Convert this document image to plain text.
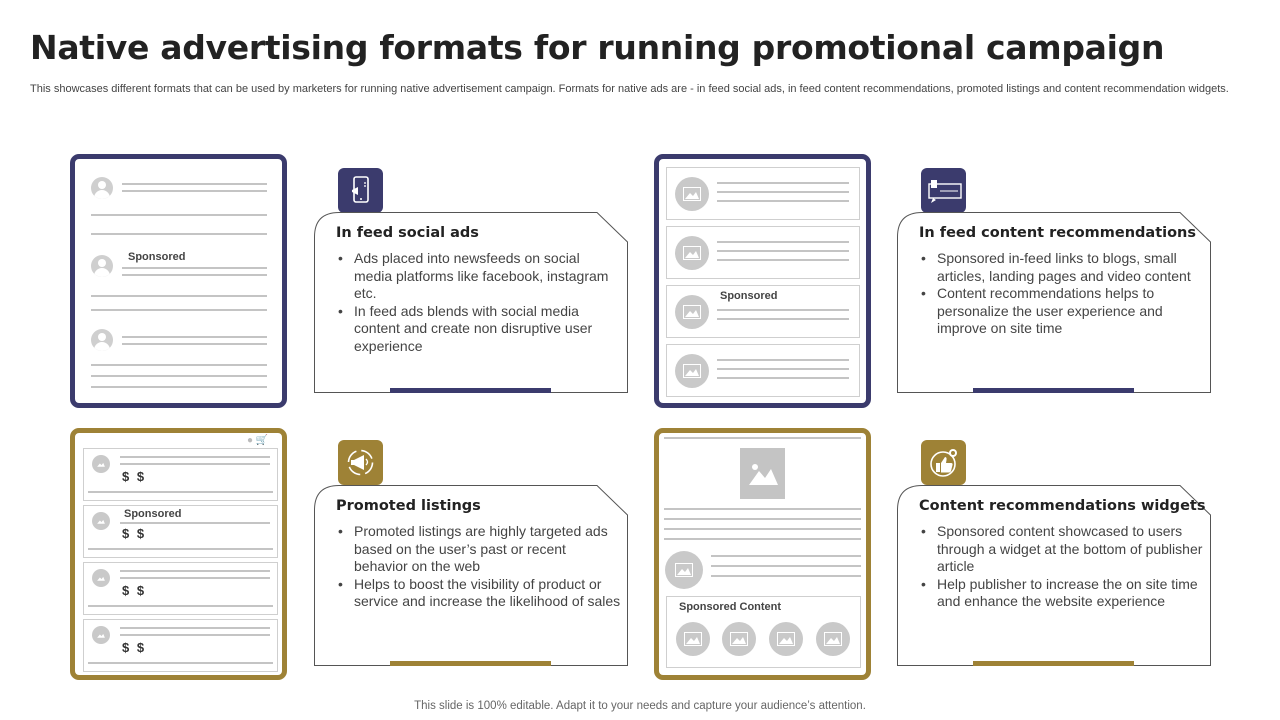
Native advertising formats for running promotional campaign
This showcases different formats that can be used by marketers for running native advertisement campaign. Formats for native ads are - in feed social ads, in feed content recommendations, promoted listings and content recommendation widgets.
Sponsored
Sponsored
● 🛒
$ $
Sponsored
$ $
$ $
$ $
Sponsored Content
In feed social ads
• Ads placed into newsfeeds on social media platforms like facebook, instagram etc.
• In feed ads blends with social media content and create non disruptive user experience
In feed content recommendations
• Sponsored in-feed links to blogs, small articles, landing pages and video content
• Content recommendations helps to personalize the user experience and improve on site time
Promoted listings
• Promoted listings are highly targeted ads based on the user’s past or recent behavior on the web
• Helps to boost the visibility of product or service and increase the likelihood of sales
Content recommendations widgets
• Sponsored content showcased to users through a widget at the bottom of publisher article
• Help publisher to increase the on site time and enhance the website experience
This slide is 100% editable. Adapt it to your needs and capture your audience’s attention.
